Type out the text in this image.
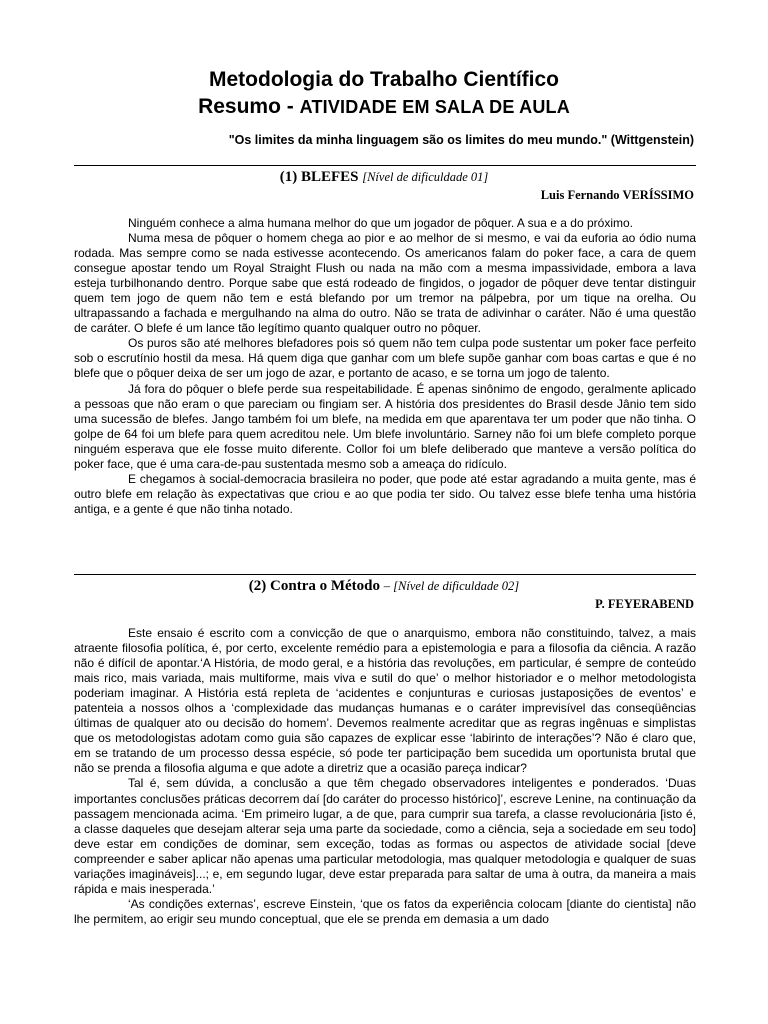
Metodologia do Trabalho Científico
Resumo - ATIVIDADE EM SALA DE AULA
"Os limites da minha linguagem são os limites do meu mundo." (Wittgenstein)
(1) BLEFES [Nível de dificuldade 01]
Luis Fernando VERÍSSIMO

Ninguém conhece a alma humana melhor do que um jogador de pôquer. A sua e a do próximo.

Numa mesa de pôquer o homem chega ao pior e ao melhor de si mesmo, e vai da euforia ao ódio numa rodada. Mas sempre como se nada estivesse acontecendo. Os americanos falam do poker face, a cara de quem consegue apostar tendo um Royal Straight Flush ou nada na mão com a mesma impassividade, embora a lava esteja turbilhonando dentro. Porque sabe que está rodeado de fingidos, o jogador de pôquer deve tentar distinguir quem tem jogo de quem não tem e está blefando por um tremor na pálpebra, por um tique na orelha. Ou ultrapassando a fachada e mergulhando na alma do outro. Não se trata de adivinhar o caráter. Não é uma questão de caráter. O blefe é um lance tão legítimo quanto qualquer outro no pôquer.

Os puros são até melhores blefadores pois só quem não tem culpa pode sustentar um poker face perfeito sob o escrutínio hostil da mesa. Há quem diga que ganhar com um blefe supõe ganhar com boas cartas e que é no blefe que o pôquer deixa de ser um jogo de azar, e portanto de acaso, e se torna um jogo de talento.

Já fora do pôquer o blefe perde sua respeitabilidade. É apenas sinônimo de engodo, geralmente aplicado a pessoas que não eram o que pareciam ou fingiam ser. A história dos presidentes do Brasil desde Jânio tem sido uma sucessão de blefes. Jango também foi um blefe, na medida em que aparentava ter um poder que não tinha. O golpe de 64 foi um blefe para quem acreditou nele. Um blefe involuntário. Sarney não foi um blefe completo porque ninguém esperava que ele fosse muito diferente. Collor foi um blefe deliberado que manteve a versão política do poker face, que é uma cara-de-pau sustentada mesmo sob a ameaça do ridículo.

E chegamos à social-democracia brasileira no poder, que pode até estar agradando a muita gente, mas é outro blefe em relação às expectativas que criou e ao que podia ter sido. Ou talvez esse blefe tenha uma história antiga, e a gente é que não tinha notado.

(2) Contra o Método – [Nível de dificuldade 02]
P. FEYERABEND

Este ensaio é escrito com a convicção de que o anarquismo, embora não constituindo, talvez, a mais atraente filosofia política, é, por certo, excelente remédio para a epistemologia e para a filosofia da ciência. A razão não é difícil de apontar.‘A História, de modo geral, e a história das revoluções, em particular, é sempre de conteúdo mais rico, mais variada, mais multiforme, mais viva e sutil do que’ o melhor historiador e o melhor metodologista poderiam imaginar. A História está repleta de ‘acidentes e conjunturas e curiosas justaposições de eventos’ e patenteia a nossos olhos a ‘complexidade das mudanças humanas e o caráter imprevisível das conseqüências últimas de qualquer ato ou decisão do homem’. Devemos realmente acreditar que as regras ingênuas e simplistas que os metodologistas adotam como guia são capazes de explicar esse ‘labirinto de interações’? Não é claro que, em se tratando de um processo dessa espécie, só pode ter participação bem sucedida um oportunista brutal que não se prenda a filosofia alguma e que adote a diretriz que a ocasião pareça indicar?

Tal é, sem dúvida, a conclusão a que têm chegado observadores inteligentes e ponderados. ‘Duas importantes conclusões práticas decorrem daí [do caráter do processo histórico]’, escreve Lenine, na continuação da passagem mencionada acima. ‘Em primeiro lugar, a de que, para cumprir sua tarefa, a classe revolucionária [isto é, a classe daqueles que desejam alterar seja uma parte da sociedade, como a ciência, seja a sociedade em seu todo] deve estar em condições de dominar, sem exceção, todas as formas ou aspectos de atividade social [deve compreender e saber aplicar não apenas uma particular metodologia, mas qualquer metodologia e qualquer de suas variações imagináveis]...; e, em segundo lugar, deve estar preparada para saltar de uma à outra, da maneira a mais rápida e mais inesperada.’

‘As condições externas’, escreve Einstein, ‘que os fatos da experiência colocam [diante do cientista] não lhe permitem, ao erigir seu mundo conceptual, que ele se prenda em demasia a um dado
